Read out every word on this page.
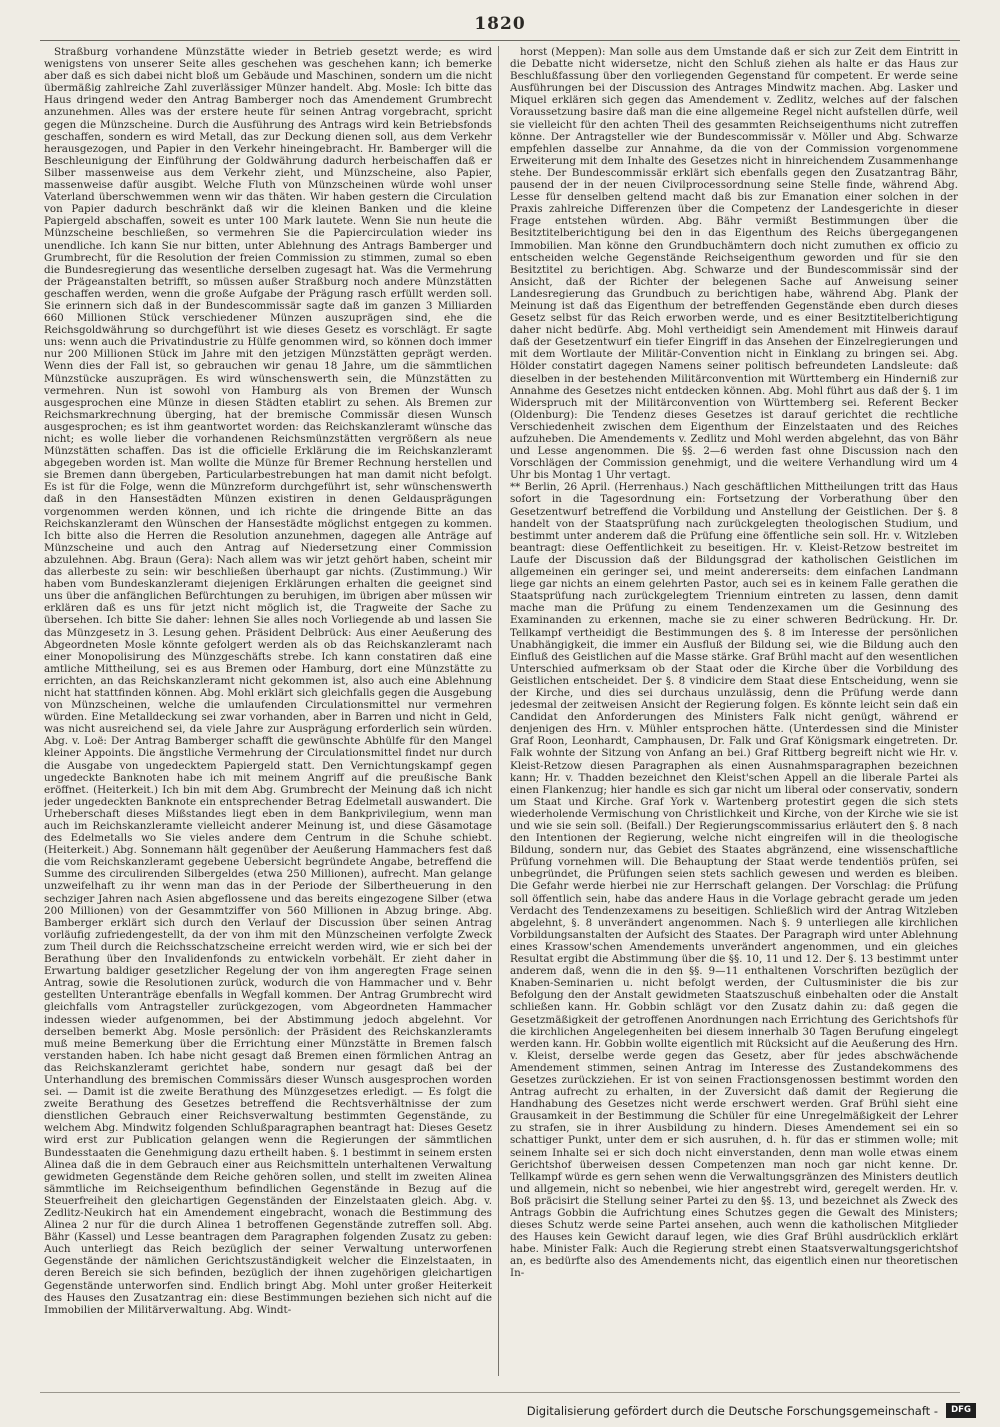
1820

Straßburg vorhandene Münzstätte wieder in Betrieb gesetzt werde; es wird wenigstens von unserer Seite alles geschehen was geschehen kann; ich bemerke aber daß es sich dabei nicht bloß um Gebäude und Maschinen, sondern um die nicht übermäßig zahlreiche Zahl zuverlässiger Münzer handelt. Abg. Mosle: Ich bitte das Haus dringend weder den Antrag Bamberger noch das Amendement Grumbrecht anzunehmen. Alles was der erstere heute für seinen Antrag vorgebracht, spricht gegen die Münzscheine. Durch die Ausführung des Antrags wird kein Betriebsfonds geschaffen, sondern es wird Metall, das zur Deckung dienen soll, aus dem Verkehr herausgezogen, und Papier in den Verkehr hineingebracht. Hr. Bamberger will die Beschleunigung der Einführung der Goldwährung dadurch herbeischaffen daß er Silber massenweise aus dem Verkehr zieht, und Münzscheine, also Papier, massenweise dafür ausgibt. Welche Fluth von Münzscheinen würde wohl unser Vaterland überschwemmen wenn wir das thäten. Wir haben gestern die Circulation von Papier dadurch beschränkt daß wir die kleinen Banken und die kleine Papiergeld abschaffen, soweit es unter 100 Mark lautete. Wenn Sie nun heute die Münzscheine beschließen, so vermehren Sie die Papiercirculation wieder ins unendliche. Ich kann Sie nur bitten, unter Ablehnung des Antrags Bamberger und Grumbrecht, für die Resolution der freien Commission zu stimmen, zumal so eben die Bundesregierung das wesentliche derselben zugesagt hat. Was die Vermehrung der Prägeanstalten betrifft, so müssen außer Straßburg noch andere Münzstätten geschaffen werden, wenn die große Aufgabe der Prägung rasch erfüllt werden soll. Sie erinnern sich daß in der Bundescommissär sagte daß im ganzen 3 Milliarden 660 Millionen Stück verschiedener Münzen auszuprägen sind, ehe die Reichsgoldwährung so durchgeführt ist wie dieses Gesetz es vorschlägt. Er sagte uns: wenn auch die Privatindustrie zu Hülfe genommen wird, so können doch immer nur 200 Millionen Stück im Jahre mit den jetzigen Münzstätten geprägt werden. Wenn dies der Fall ist, so gebrauchen wir genau 18 Jahre, um die sämmtlichen Münzstücke auszuprägen. Es wird wünschenswerth sein, die Münzstätten zu vermehren. Nun ist sowohl von Hamburg als von Bremen der Wunsch ausgesprochen eine Münze in diesen Städten etablirt zu sehen. Als Bremen zur Reichsmarkrechnung überging, hat der bremische Commissär diesen Wunsch ausgesprochen; es ist ihm geantwortet worden: das Reichskanzleramt wünsche das nicht; es wolle lieber die vorhandenen Reichsmünzstätten vergrößern als neue Münzstätten schaffen. Das ist die officielle Erklärung die im Reichskanzleramt abgegeben worden ist. Man wollte die Münze für Bremer Rechnung herstellen und sie Bremen dann übergeben, Particularbestrebungen hat man damit nicht befolgt. Es ist für die Folge, wenn die Münzreform durchgeführt ist, sehr wünschenswerth daß in den Hansestädten Münzen existiren in denen Geldausprägungen vorgenommen werden können, und ich richte die dringende Bitte an das Reichskanzleramt den Wünschen der Hansestädte möglichst entgegen zu kommen. Ich bitte also die Herren die Resolution anzunehmen, dagegen alle Anträge auf Münzscheine und auch den Antrag auf Niedersetzung einer Commission abzulehnen. Abg. Braun (Gera): Nach allem was wir jetzt gehört haben, scheint mir das allerbeste zu sein: wir beschließen überhaupt gar nichts. (Zustimmung.) Wir haben vom Bundeskanzleramt diejenigen Erklärungen erhalten die geeignet sind uns über die anfänglichen Befürchtungen zu beruhigen, im übrigen aber müssen wir erklären daß es uns für jetzt nicht möglich ist, die Tragweite der Sache zu übersehen. Ich bitte Sie daher: lehnen Sie alles noch Vorliegende ab und lassen Sie das Münzgesetz in 3. Lesung gehen. Präsident Delbrück: Aus einer Aeußerung des Abgeordneten Mosle könnte gefolgert werden als ob das Reichskanzleramt nach einer Monopolisirung des Münzgeschäfts strebe. Ich kann constatiren daß eine amtliche Mittheilung, sei es aus Bremen oder Hamburg, dort eine Münzstätte zu errichten, an das Reichskanzleramt nicht gekommen ist, also auch eine Ablehnung nicht hat stattfinden können. Abg. Mohl erklärt sich gleichfalls gegen die Ausgebung von Münzscheinen, welche die umlaufenden Circulationsmittel nur vermehren würden. Eine Metalldeckung sei zwar vorhanden, aber in Barren und nicht in Geld, was nicht ausreichend sei, da viele Jahre zur Ausprägung erforderlich sein würden. Abg. v. Loë: Der Antrag Bamberger schafft die gewünschte Abhülfe für den Mangel kleiner Appoints. Die ängstliche Vermehrung der Circulationsmittel findet nur durch die Ausgabe von ungedecktem Papiergeld statt. Den Vernichtungskampf gegen ungedeckte Banknoten habe ich mit meinem Angriff auf die preußische Bank eröffnet. (Heiterkeit.) Ich bin mit dem Abg. Grumbrecht der Meinung daß ich nicht jeder ungedeckten Banknote ein entsprechender Betrag Edelmetall auswandert. Die Urheberschaft dieses Mißstandes liegt eben in dem Bankprivilegium, wenn man auch im Reichskanzleramte vielleicht anderer Meinung ist, und diese Gäsamotage des Edelmetalls wo Sie vieles andere dem Centrum in die Schuhe schiebt. (Heiterkeit.) Abg. Sonnemann hält gegenüber der Aeußerung Hammachers fest daß die vom Reichskanzleramt gegebene Uebersicht begründete Angabe, betreffend die Summe des circulirenden Silbergeldes (etwa 250 Millionen), aufrecht. Man gelange unzweifelhaft zu ihr wenn man das in der Periode der Silbertheuerung in den sechziger Jahren nach Asien abgeflossene und das bereits eingezogene Silber (etwa 200 Millionen) von der Gesammtziffer von 560 Millionen in Abzug bringe. Abg. Bamberger erklärt sich durch den Verlauf der Discussion über seinen Antrag vorläufig zufriedengestellt, da der von ihm mit den Münzscheinen verfolgte Zweck zum Theil durch die Reichsschatzscheine erreicht werden wird, wie er sich bei der Berathung über den Invalidenfonds zu entwickeln vorbehält. Er zieht daher in Erwartung baldiger gesetzlicher Regelung der von ihm angeregten Frage seinen Antrag, sowie die Resolutionen zurück, wodurch die von Hammacher und v. Behr gestellten Unteranträge ebenfalls in Wegfall kommen. Der Antrag Grumbrecht wird gleichfalls vom Antragsteller zurückgezogen, vom Abgeordneten Hammacher indessen wieder aufgenommen, bei der Abstimmung jedoch abgelehnt. Vor derselben bemerkt Abg. Mosle persönlich: der Präsident des Reichskanzleramts muß meine Bemerkung über die Errichtung einer Münzstätte in Bremen falsch verstanden haben. Ich habe nicht gesagt daß Bremen einen förmlichen Antrag an das Reichskanzleramt gerichtet habe, sondern nur gesagt daß bei der Unterhandlung des bremischen Commissärs dieser Wunsch ausgesprochen worden sei. — Damit ist die zweite Berathung des Münzgesetzes erledigt. — Es folgt die zweite Berathung des Gesetzes betreffend die Rechtsverhältnisse der zum dienstlichen Gebrauch einer Reichsverwaltung bestimmten Gegenstände, zu welchem Abg. Mindwitz folgenden Schlußparagraphen beantragt hat: Dieses Gesetz wird erst zur Publication gelangen wenn die Regierungen der sämmtlichen Bundesstaaten die Genehmigung dazu ertheilt haben. §. 1 bestimmt in seinem ersten Alinea daß die in dem Gebrauch einer aus Reichsmitteln unterhaltenen Verwaltung gewidmeten Gegenstände dem Reiche gehören sollen, und stellt im zweiten Alinea sämmtliche im Reichseigenthum befindlichen Gegenstände in Bezug auf die Steuerfreiheit den gleichartigen Gegenständen der Einzelstaaten gleich. Abg. v. Zedlitz-Neukirch hat ein Amendement eingebracht, wonach die Bestimmung des Alinea 2 nur für die durch Alinea 1 betroffenen Gegenstände zutreffen soll. Abg. Bähr (Kassel) und Lesse beantragen dem Paragraphen folgenden Zusatz zu geben: Auch unterliegt das Reich bezüglich der seiner Verwaltung unterworfenen Gegenstände der nämlichen Gerichtszuständigkeit welcher die Einzelstaaten, in deren Bereich sie sich befinden, bezüglich der ihnen zugehörigen gleichartigen Gegenstände unterworfen sind. Endlich bringt Abg. Mohl unter großer Heiterkeit des Hauses den Zusatzantrag ein: diese Bestimmungen beziehen sich nicht auf die Immobilien der Militärverwaltung. Abg. Windt-

horst (Meppen): Man solle aus dem Umstande daß er sich zur Zeit dem Eintritt in die Debatte nicht widersetze, nicht den Schluß ziehen als halte er das Haus zur Beschlußfassung über den vorliegenden Gegenstand für competent. Er werde seine Ausführungen bei der Discussion des Antrages Mindwitz machen. Abg. Lasker und Miquel erklären sich gegen das Amendement v. Zedlitz, welches auf der falschen Voraussetzung basire daß man die eine allgemeine Regel nicht aufstellen dürfe, weil sie vielleicht für den achten Theil des gesammten Reichseigenthums nicht zutreffen könne. Der Antragsteller wie der Bundescommissär v. Möller und Abg. Schwarze empfehlen dasselbe zur Annahme, da die von der Commission vorgenommene Erweiterung mit dem Inhalte des Gesetzes nicht in hinreichendem Zusammenhange stehe. Der Bundescommissär erklärt sich ebenfalls gegen den Zusatzantrag Bähr, pausend der in der neuen Civilprocessordnung seine Stelle finde, während Abg. Lesse für denselben geltend macht daß bis zur Emanation einer solchen in der Praxis zahlreiche Differenzen über die Competenz der Landesgerichte in dieser Frage entstehen würden. Abg. Bähr vermißt Bestimmungen über die Besitztitelberichtigung bei den in das Eigenthum des Reichs übergegangenen Immobilien. Man könne den Grundbuchämtern doch nicht zumuthen ex officio zu entscheiden welche Gegenstände Reichseigenthum geworden und für sie den Besitztitel zu berichtigen. Abg. Schwarze und der Bundescommissär sind der Ansicht, daß der Richter der belegenen Sache auf Anweisung seiner Landesregierung das Grundbuch zu berichtigen habe, während Abg. Plank der Meinung ist daß das Eigenthum der betreffenden Gegenstände eben durch dieses Gesetz selbst für das Reich erworben werde, und es einer Besitztitelberichtigung daher nicht bedürfe. Abg. Mohl vertheidigt sein Amendement mit Hinweis darauf daß der Gesetzentwurf ein tiefer Eingriff in das Ansehen der Einzelregierungen und mit dem Wortlaute der Militär-Convention nicht in Einklang zu bringen sei. Abg. Hölder constatirt dagegen Namens seiner politisch befreundeten Landsleute: daß dieselben in der bestehenden Militärconvention mit Württemberg ein Hinderniß zur Annahme des Gesetzes nicht entdecken können. Abg. Mohl führt aus daß der §. 1 im Widerspruch mit der Militärconvention von Württemberg sei. Referent Becker (Oldenburg): Die Tendenz dieses Gesetzes ist darauf gerichtet die rechtliche Verschiedenheit zwischen dem Eigenthum der Einzelstaaten und des Reiches aufzuheben. Die Amendements v. Zedlitz und Mohl werden abgelehnt, das von Bähr und Lesse angenommen. Die §§. 2—6 werden fast ohne Discussion nach den Vorschlägen der Commission genehmigt, und die weitere Verhandlung wird um 4 Uhr bis Montag 1 Uhr vertagt.
** Berlin, 26 April. (Herrenhaus.) Nach geschäftlichen Mittheilungen tritt das Haus sofort in die Tagesordnung ein: Fortsetzung der Vorberathung über den Gesetzentwurf betreffend die Vorbildung und Anstellung der Geistlichen. Der §. 8 handelt von der Staatsprüfung nach zurückgelegten theologischen Studium, und bestimmt unter anderem daß die Prüfung eine öffentliche sein soll. Hr. v. Witzleben beantragt: diese Oeffentlichkeit zu beseitigen. Hr. v. Kleist-Retzow bestreitet im Laufe der Discussion daß der Bildungsgrad der katholischen Geistlichen im allgemeinen ein geringer sei, und meint andererseits: dem einfachen Landmann liege gar nichts an einem gelehrten Pastor, auch sei es in keinem Falle gerathen die Staatsprüfung nach zurückgelegtem Triennium eintreten zu lassen, denn damit mache man die Prüfung zu einem Tendenzexamen um die Gesinnung des Examinanden zu erkennen, mache sie zu einer schweren Bedrückung. Hr. Dr. Tellkampf vertheidigt die Bestimmungen des §. 8 im Interesse der persönlichen Unabhängigkeit, die immer ein Ausfluß der Bildung sei, wie die Bildung auch den Einfluß des Geistlichen auf die Masse stärke. Graf Brühl macht auf den wesentlichen Unterschied aufmerksam ob der Staat oder die Kirche über die Vorbildung des Geistlichen entscheidet. Der §. 8 vindicire dem Staat diese Entscheidung, wenn sie der Kirche, und dies sei durchaus unzulässig, denn die Prüfung werde dann jedesmal der zeitweisen Ansicht der Regierung folgen. Es könnte leicht sein daß ein Candidat den Anforderungen des Ministers Falk nicht genügt, während er denjenigen des Hrn. v. Mühler entsprochen hätte. (Unterdessen sind die Minister Graf Roon, Leonhardt, Camphausen, Dr. Falk und Graf Königsmark eingetreten. Dr. Falk wohnte der Sitzung von Anfang an bei.) Graf Rittberg begreift nicht wie Hr. v. Kleist-Retzow diesen Paragraphen als einen Ausnahmsparagraphen bezeichnen kann; Hr. v. Thadden bezeichnet den Kleist'schen Appell an die liberale Partei als einen Flankenzug; hier handle es sich gar nicht um liberal oder conservativ, sondern um Staat und Kirche. Graf York v. Wartenberg protestirt gegen die sich stets wiederholende Vermischung von Christlichkeit und Kirche, von der Kirche wie sie ist und wie sie sein soll. (Beifall.) Der Regierungscommissarius erläutert den §. 8 nach den Intentionen der Regierung, welche nicht eingreifen will in die theologische Bildung, sondern nur, das Gebiet des Staates abgränzend, eine wissenschaftliche Prüfung vornehmen will. Die Behauptung der Staat werde tendentiös prüfen, sei unbegründet, die Prüfungen seien stets sachlich gewesen und werden es bleiben. Die Gefahr werde hierbei nie zur Herrschaft gelangen. Der Vorschlag: die Prüfung soll öffentlich sein, habe das andere Haus in die Vorlage gebracht gerade um jeden Verdacht des Tendenzexamens zu beseitigen. Schließlich wird der Antrag Witzleben abgelehnt, §. 8 unverändert angenommen. Nach §. 9 unterliegen alle kirchlichen Vorbildungsanstalten der Aufsicht des Staates. Der Paragraph wird unter Ablehnung eines Krassow'schen Amendements unverändert angenommen, und ein gleiches Resultat ergibt die Abstimmung über die §§. 10, 11 und 12. Der §. 13 bestimmt unter anderem daß, wenn die in den §§. 9—11 enthaltenen Vorschriften bezüglich der Knaben-Seminarien u. nicht befolgt werden, der Cultusminister die bis zur Befolgung den der Anstalt gewidmeten Staatszuschuß einbehalten oder die Anstalt schließen kann. Hr. Gobbin schlägt vor den Zusatz dahin zu: daß gegen die Gesetzmäßigkeit der getroffenen Anordnungen nach Errichtung des Gerichtshofs für die kirchlichen Angelegenheiten bei diesem innerhalb 30 Tagen Berufung eingelegt werden kann. Hr. Gobbin wollte eigentlich mit Rücksicht auf die Aeußerung des Hrn. v. Kleist, derselbe werde gegen das Gesetz, aber für jedes abschwächende Amendement stimmen, seinen Antrag im Interesse des Zustandekommens des Gesetzes zurückziehen. Er ist von seinen Fractionsgenossen bestimmt worden den Antrag aufrecht zu erhalten, in der Zuversicht daß damit der Regierung die Handhabung des Gesetzes nicht werde erschwert werden. Graf Brühl sieht eine Grausamkeit in der Bestimmung die Schüler für eine Unregelmäßigkeit der Lehrer zu strafen, sie in ihrer Ausbildung zu hindern. Dieses Amendement sei ein so schattiger Punkt, unter dem er sich ausruhen, d. h. für das er stimmen wolle; mit seinem Inhalte sei er sich doch nicht einverstanden, denn man wolle etwas einem Gerichtshof überweisen dessen Competenzen man noch gar nicht kenne. Dr. Tellkampf würde es gern sehen wenn die Verwaltungsgränzen des Ministers deutlich und allgemein, nicht so nebenbei, wie hier angestrebt wird, geregelt werden. Hr. v. Boß präcisirt die Stellung seiner Partei zu den §§. 13, und bezeichnet als Zweck des Antrags Gobbin die Aufrichtung eines Schutzes gegen die Gewalt des Ministers; dieses Schutz werde seine Partei ansehen, auch wenn die katholischen Mitglieder des Hauses kein Gewicht darauf legen, wie dies Graf Brühl ausdrücklich erklärt habe. Minister Falk: Auch die Regierung strebt einen Staatsverwaltungsgerichtshof an, es bedürfte also des Amendements nicht, das eigentlich einen nur theoretischen In-

Digitalisierung gefördert durch die Deutsche Forschungsgemeinschaft -	DFG
